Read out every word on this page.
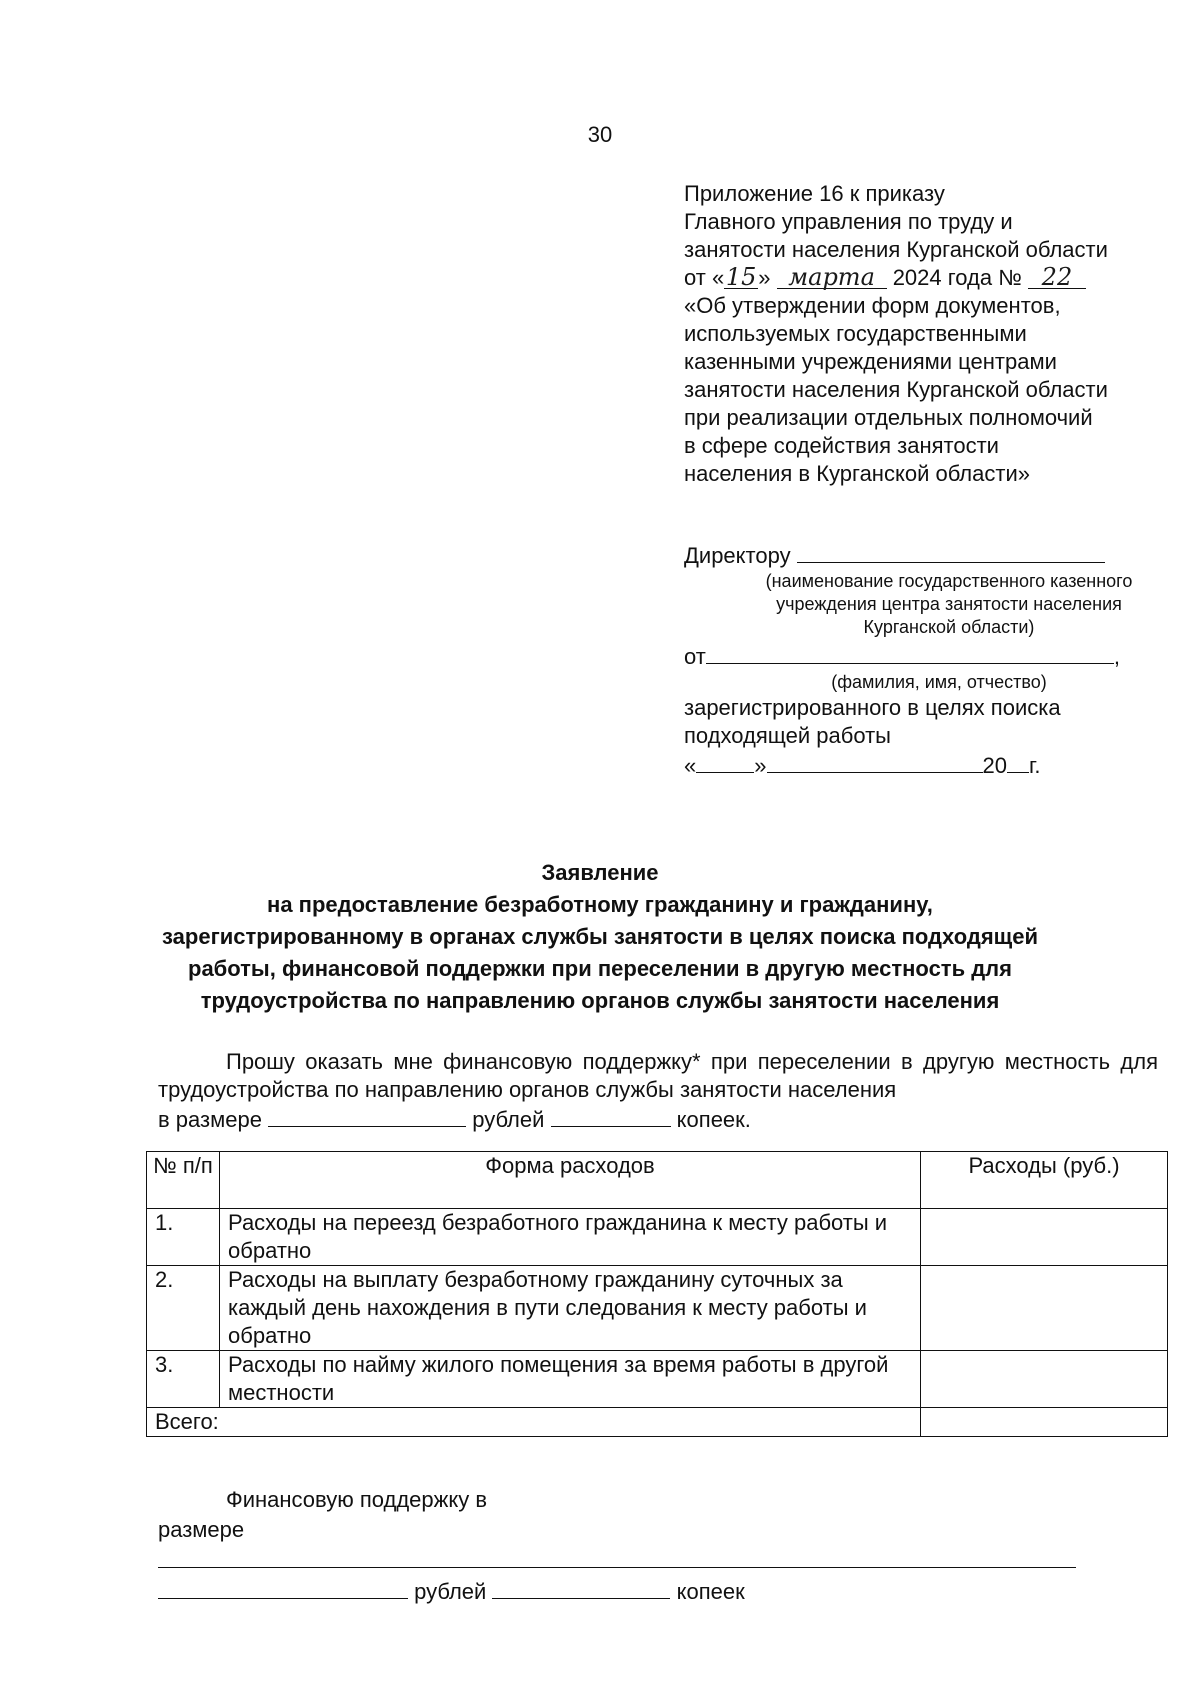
30
Приложение 16 к приказу
Главного управления по труду и
занятости населения Курганской области
от «15» марта 2024 года № 22
«Об утверждении форм документов,
используемых государственными
казенными учреждениями центрами
занятости населения Курганской области
при реализации отдельных полномочий
в сфере содействия занятости
населения в Курганской области»
Директору
(наименование государственного казенного
учреждения центра занятости населения
Курганской области)
от	,
(фамилия, имя, отчество)
зарегистрированного в целях поиска
подходящей работы
«	»	20 г.
Заявление
на предоставление безработному гражданину и гражданину,
зарегистрированному в органах службы занятости в целях поиска подходящей
работы, финансовой поддержки при переселении в другую местность для
трудоустройства по направлению органов службы занятости населения

Прошу оказать мне финансовую поддержку* при переселении в другую местность для трудоустройства по направлению органов службы занятости населения

в размере	рублей	копеек.

№ п/п	Форма расходов	Расходы (руб.)
1.	Расходы на переезд безработного гражданина к месту работы и обратно	
2.	Расходы на выплату безработному гражданину суточных за каждый день нахождения в пути следования к месту работы и обратно	
3.	Расходы по найму жилого помещения за время работы в другой местности	
Всего:		
Финансовую поддержку в
размере
рублей	копеек
